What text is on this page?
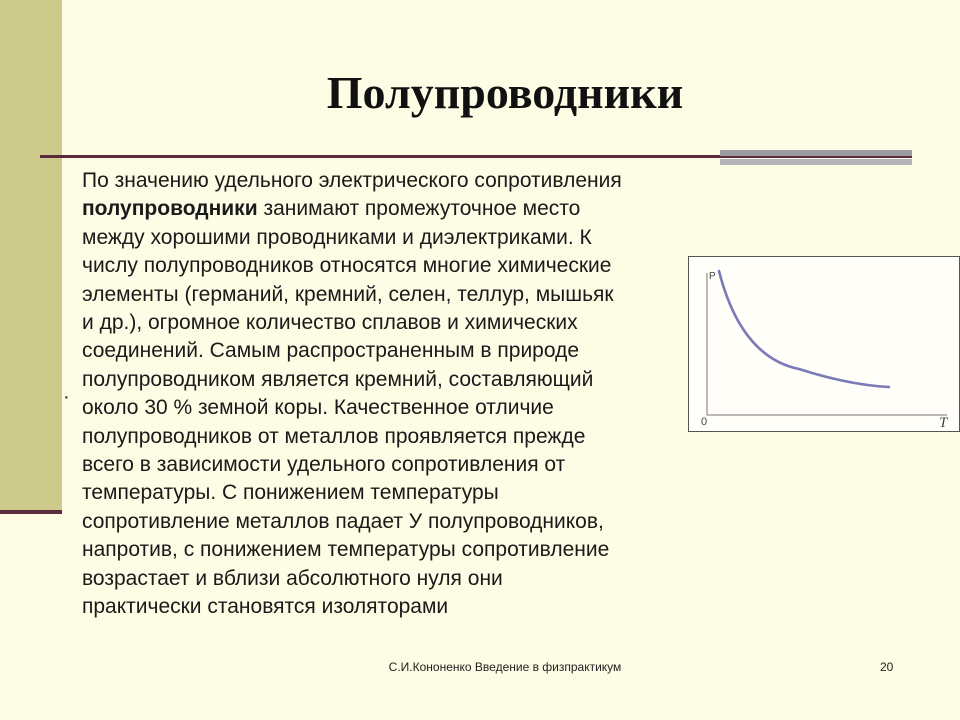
Полупроводники
·
По значению удельного электрического сопротивления
полупроводники занимают промежуточное место
между хорошими проводниками и диэлектриками. К
числу полупроводников относятся многие химические
элементы (германий, кремний, селен, теллур, мышьяк
и др.), огромное количество сплавов и химических
соединений. Самым распространенным в природе
полупроводником является кремний, составляющий
около 30 % земной коры. Качественное отличие
полупроводников от металлов проявляется прежде
всего в зависимости удельного сопротивления от
температуры. С понижением температуры
сопротивление металлов падает У полупроводников,
напротив, с понижением температуры сопротивление
возрастает и вблизи абсолютного нуля они
практически становятся изоляторами
P
0	T
С.И.Кононенко Введение в физпрактикум	20
